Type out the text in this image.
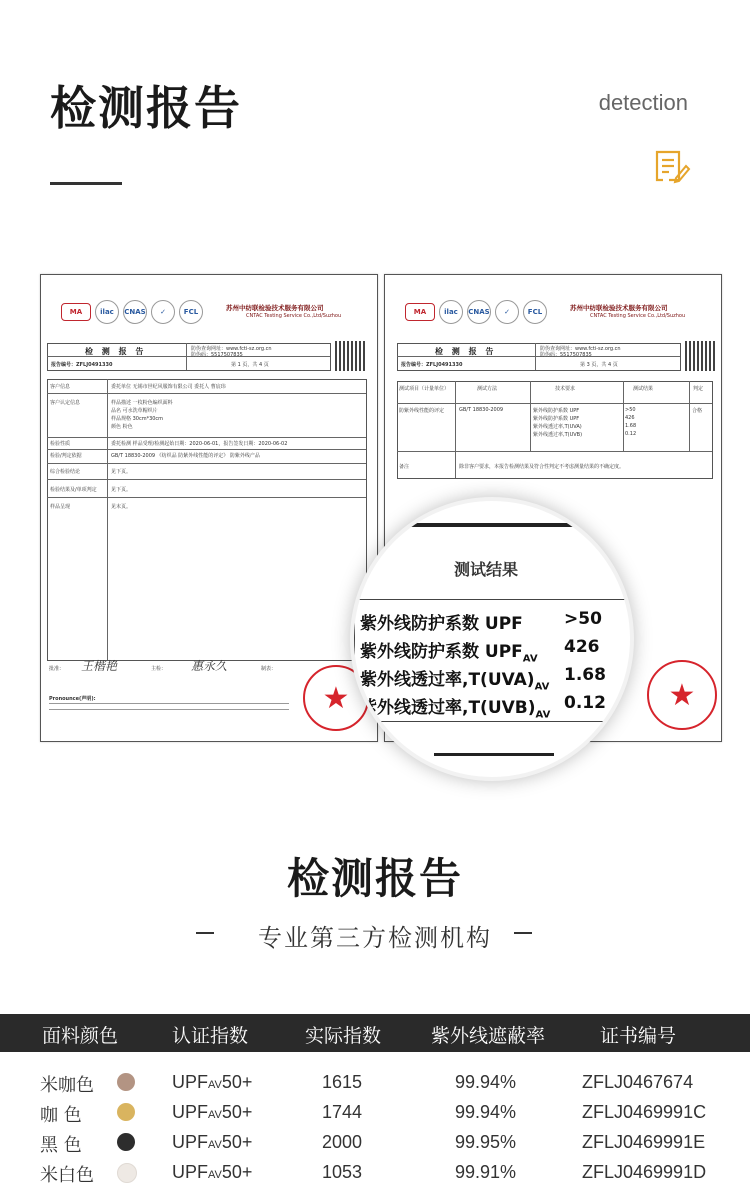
检测报告	detection
MA	ilac	CNAS	✓	FCL	苏州中纺联检验技术服务有限公司
CNTAC Testing Service Co.,Ltd/Suzhou
检 测 报 告
报告编号：ZFLJ0491330
防伪查询网址：www.fcti-sz.org.cn
防伪码：5517507835
第 1 页，共 4 页
客户信息	委托单位 无锡市世纪风服饰有限公司 委托人 曹宸玮
客户认定信息	样品描述 一枚粉色编织面料
品名 可水洗草帽织片
样品规格 30cm*30cm
颜色 粉色
检验性质	委托检测 样品受理/检测起始日期：2020-06-01，报告签发日期：2020-06-02
检验/判定依据	GB/T 18830-2009 《纺织品 防紫外线性能的评定》 防紫外线产品
综合检验结论	见下页。
检验结果及/单项判定	见下页。
样品呈现	见末页。
批准： 王楷艳	主检： 惠永久	制表：
Pronounce(声明):	★
MA	ilac	CNAS	✓	FCL	苏州中纺联检验技术服务有限公司
CNTAC Testing Service Co.,Ltd/Suzhou
检 测 报 告
报告编号：ZFLJ0491330
防伪查询网址：www.fcti-sz.org.cn
防伪码：5517507835
第 3 页，共 4 页
测试项目（计量单位）	测试方法	技术要求	测试结果	判定
防紫外线性能的评定	GB/T 18830-2009	紫外线防护系数 UPF	>50
紫外线防护系数 UPF	426
紫外线透过率,T(UVA)	1.68
紫外线透过率,T(UVB)	0.12
合格
备注	除非客户要求，本报告检测结果及符合性判定不考虑测量结果的不确定度。
★
测试结果
紫外线防护系数 UPF >50
紫外线防护系数 $UPF_{AV}$
426
紫外线透过率$,T(UVA)_{AV}$
1.68
紫外线透过率$,T(UVB)_{AV}$
0.12
检测报告
专业第三方检测机构
面料颜色	认证指数	实际指数	紫外线遮蔽率	证书编号
米咖色	UPFAV50+	1615	99.94%	ZFLJ0467674
咖 色	UPFAV50+	1744	99.94%	ZFLJ0469991C
黑 色	UPFAV50+	2000	99.95%	ZFLJ0469991E
米白色	UPFAV50+	1053	99.91%	ZFLJ0469991D
